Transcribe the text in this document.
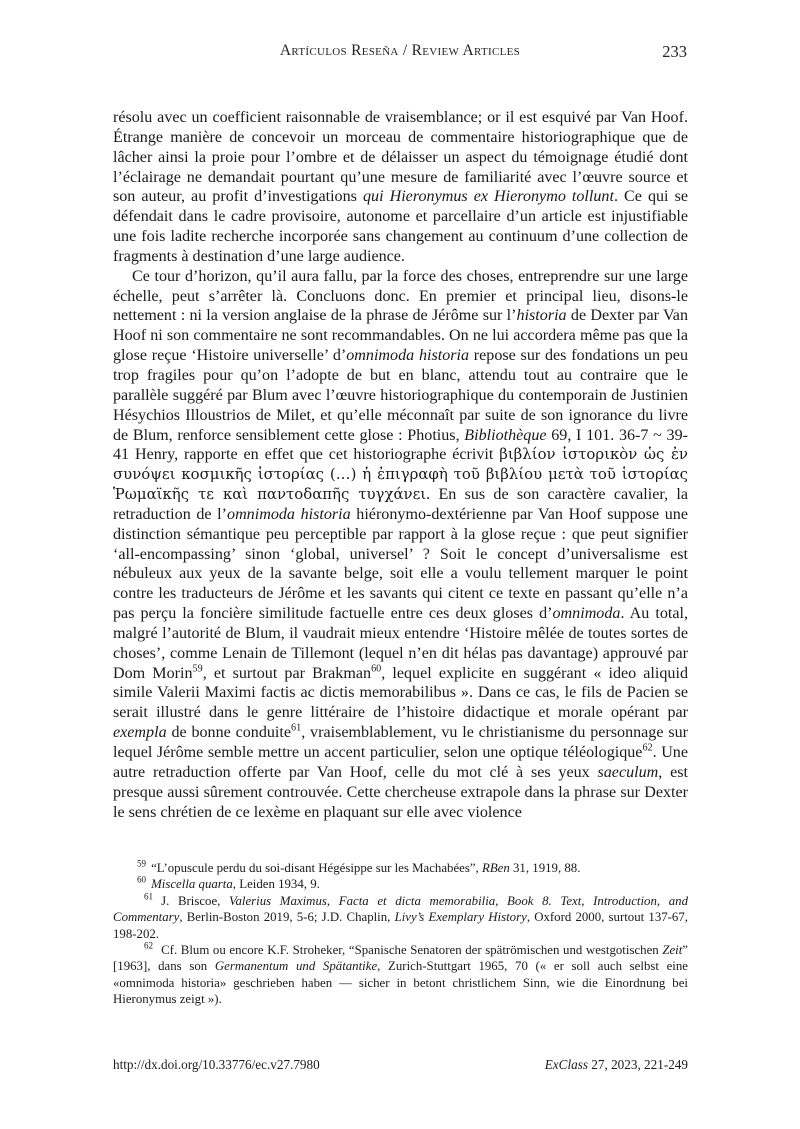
Artículos Reseña / Review Articles	233

résolu avec un coefficient raisonnable de vraisemblance; or il est esquivé par Van Hoof. Étrange manière de concevoir un morceau de commentaire historiographique que de lâcher ainsi la proie pour l’ombre et de délaisser un aspect du témoignage étudié dont l’éclairage ne demandait pourtant qu’une mesure de familiarité avec l’œuvre source et son auteur, au profit d’investigations qui Hieronymus ex Hieronymo tollunt. Ce qui se défendait dans le cadre provisoire, autonome et parcellaire d’un article est injustifiable une fois ladite recherche incorporée sans changement au continuum d’une collection de fragments à destination d’une large audience.

Ce tour d’horizon, qu’il aura fallu, par la force des choses, entreprendre sur une large échelle, peut s’arrêter là. Concluons donc. En premier et principal lieu, disons-le nettement : ni la version anglaise de la phrase de Jérôme sur l’historia de Dexter par Van Hoof ni son commentaire ne sont recommandables. On ne lui accordera même pas que la glose reçue ‘Histoire universelle’ d’omnimoda historia repose sur des fondations un peu trop fragiles pour qu’on l’adopte de but en blanc, attendu tout au contraire que le parallèle suggéré par Blum avec l’œuvre historiographique du contemporain de Justinien Hésychios Illoustrios de Milet, et qu’elle méconnaît par suite de son ignorance du livre de Blum, renforce sensiblement cette glose : Photius, Bibliothèque 69, I 101. 36-7 ~ 39-41 Henry, rapporte en effet que cet historiographe écrivit βιβλίον ἱστορικὸν ὡς ἐν συνόψει κοσμικῆς ἱστορίας (…) ἡ ἐπιγραφὴ τοῦ βιβλίου μετὰ τοῦ ἱστορίας Ῥωμαϊκῆς τε καὶ παντοδαπῆς τυγχάνει. En sus de son caractère cavalier, la retraduction de l’omnimoda historia hiéronymo-dextérienne par Van Hoof suppose une distinction sémantique peu perceptible par rapport à la glose reçue : que peut signifier ‘all-encompassing’ sinon ‘global, universel’ ? Soit le concept d’universalisme est nébuleux aux yeux de la savante belge, soit elle a voulu tellement marquer le point contre les traducteurs de Jérôme et les savants qui citent ce texte en passant qu’elle n’a pas perçu la foncière similitude factuelle entre ces deux gloses d’omnimoda. Au total, malgré l’autorité de Blum, il vaudrait mieux entendre ‘Histoire mêlée de toutes sortes de choses’, comme Lenain de Tillemont (lequel n’en dit hélas pas davantage) approuvé par Dom Morin$^{59}$, et surtout par Brakman$^{60}$, lequel explicite en suggérant « ideo aliquid simile Valerii Maximi factis ac dictis memorabilibus ». Dans ce cas, le fils de Pacien se serait illustré dans le genre littéraire de l’histoire didactique et morale opérant par exempla de bonne conduite$^{61}$, vraisemblablement, vu le christianisme du personnage sur lequel Jérôme semble mettre un accent particulier, selon une optique téléologique$^{62}$. Une autre retraduction offerte par Van Hoof, celle du mot clé à ses yeux saeculum, est presque aussi sûrement controuvée. Cette chercheuse extrapole dans la phrase sur Dexter le sens chrétien de ce lexème en plaquant sur elle avec violence

$^{59}$ “L’opuscule perdu du soi-disant Hégésippe sur les Machabées”, RBen 31, 1919, 88.

$^{60}$ Miscella quarta, Leiden 1934, 9.

$^{61}$ J. Briscoe, Valerius Maximus, Facta et dicta memorabilia, Book 8. Text, Introduction, and Commentary, Berlin-Boston 2019, 5-6; J.D. Chaplin, Livy’s Exemplary History, Oxford 2000, surtout 137-67, 198-202.

$^{62}$ Cf. Blum ou encore K.F. Stroheker, “Spanische Senatoren der spätrömischen und westgotischen Zeit” [1963], dans son Germanentum und Spätantike, Zurich-Stuttgart 1965, 70 (« er soll auch selbst eine «omnimoda historia» geschrieben haben — sicher in betont christlichem Sinn, wie die Einordnung bei Hieronymus zeigt »).

http://dx.doi.org/10.33776/ec.v27.7980	ExClass 27, 2023, 221-249
